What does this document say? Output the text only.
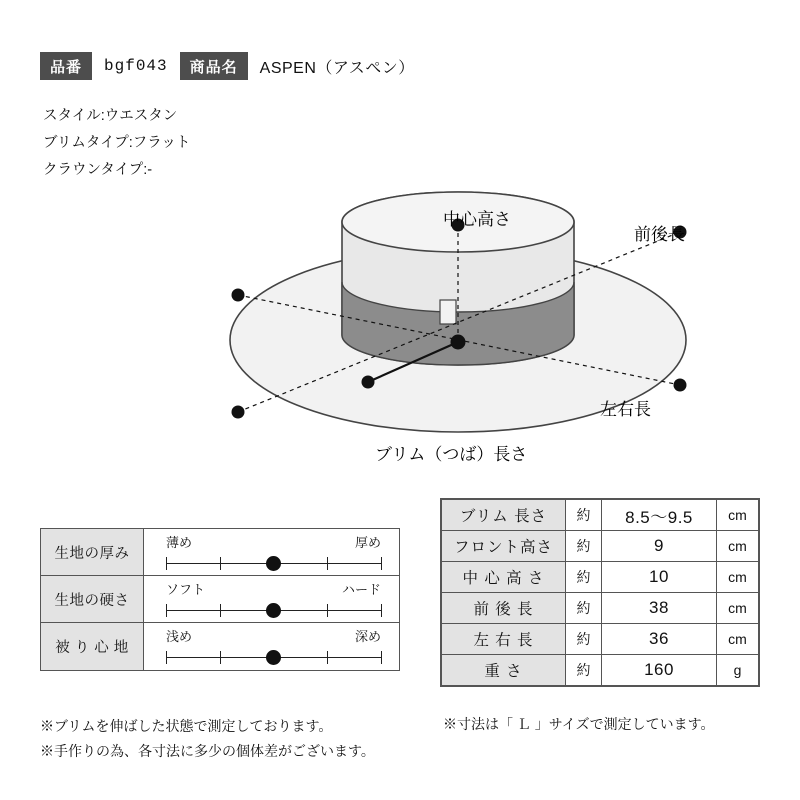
品番	bgf043	商品名	ASPEN（アスペン）
スタイル:ウエスタン
ブリムタイプ:フラット
クラウンタイプ:-
中心高さ
前後長
左右長
ブリム（つば）長さ
生地の厚み
薄め	厚め
生地の硬さ
ソフト	ハード
被 り 心 地
浅め	深め
ブリム 長さ	約	8.5〜9.5	cm
フロント高さ	約	9	cm
中 心 高 さ	約	10	cm
前 後 長	約	38	cm
左 右 長	約	36	cm
重 さ	約	160	g
※ブリムを伸ばした状態で測定しております。
※手作りの為、各寸法に多少の個体差がございます。
※寸法は「 Ｌ 」サイズで測定しています。
